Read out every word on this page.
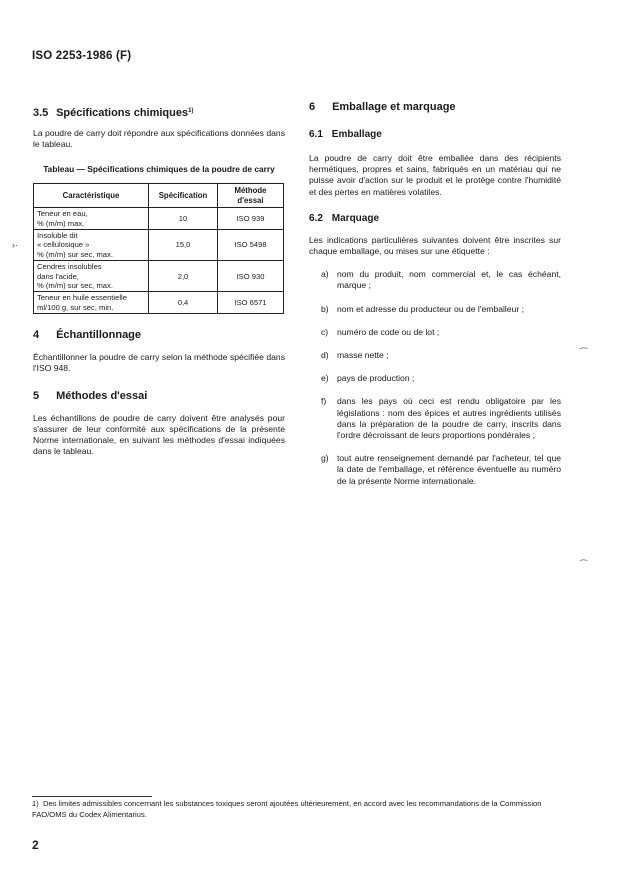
ISO 2253-1986 (F)
3.5 Spécifications chimiques$^{1)}$

La poudre de carry doit répondre aux spécifications données dans le tableau.

Tableau — Spécifications chimiques de la poudre de carry
Caractéristique	Spécification	Méthode d'essai

Teneur en eau,
% (m/m) max.	10	ISO 939

Insoluble dit
« cellulosique »
% (m/m) sur sec, max.	15,0	ISO 5498

Cendres insolubles
dans l'acide,
% (m/m) sur sec, max.	2,0	ISO 930

Teneur en huile essentielle
ml/100 g, sur sec, min.	0,4	ISO 6571
4 Échantillonnage

Échantillonner la poudre de carry selon la méthode spécifiée dans l'ISO 948.

5 Méthodes d'essai

Les échantillons de poudre de carry doivent être analysés pour s'assurer de leur conformité aux spécifications de la présente Norme internationale, en suivant les méthodes d'essai indiquées dans le tableau.

6 Emballage et marquage
6.1 Emballage

La poudre de carry doit être emballée dans des récipients hermétiques, propres et sains, fabriqués en un matériau qui ne puisse avoir d'action sur le produit et le protège contre l'humidité et des pertes en matières volatiles.

6.2 Marquage

Les indications particulières suivantes doivent être inscrites sur chaque emballage, ou mises sur une étiquette :

a) nom du produit, nom commercial et, le cas échéant, marque ;
b) nom et adresse du producteur ou de l'emballeur ;
c)	numéro de code ou de lot ;
d) masse nette ;
e) pays de production ;
f)	dans les pays où ceci est rendu obligatoire par les législations : nom des épices et autres ingrédients utilisés dans la préparation de la poudre de carry, inscrits dans l'ordre décroissant de leurs proportions pondérales ;
g) tout autre renseignement demandé par l'acheteur, tel que la date de l'emballage, et référence éventuelle au numéro de la présente Norme internationale.
›·
⁀
⁀
1) Des limites admissibles concernant les substances toxiques seront ajoutées ultérieurement, en accord avec les recommandations de la Commission FAO/OMS du Codex Alimentarius.
2
